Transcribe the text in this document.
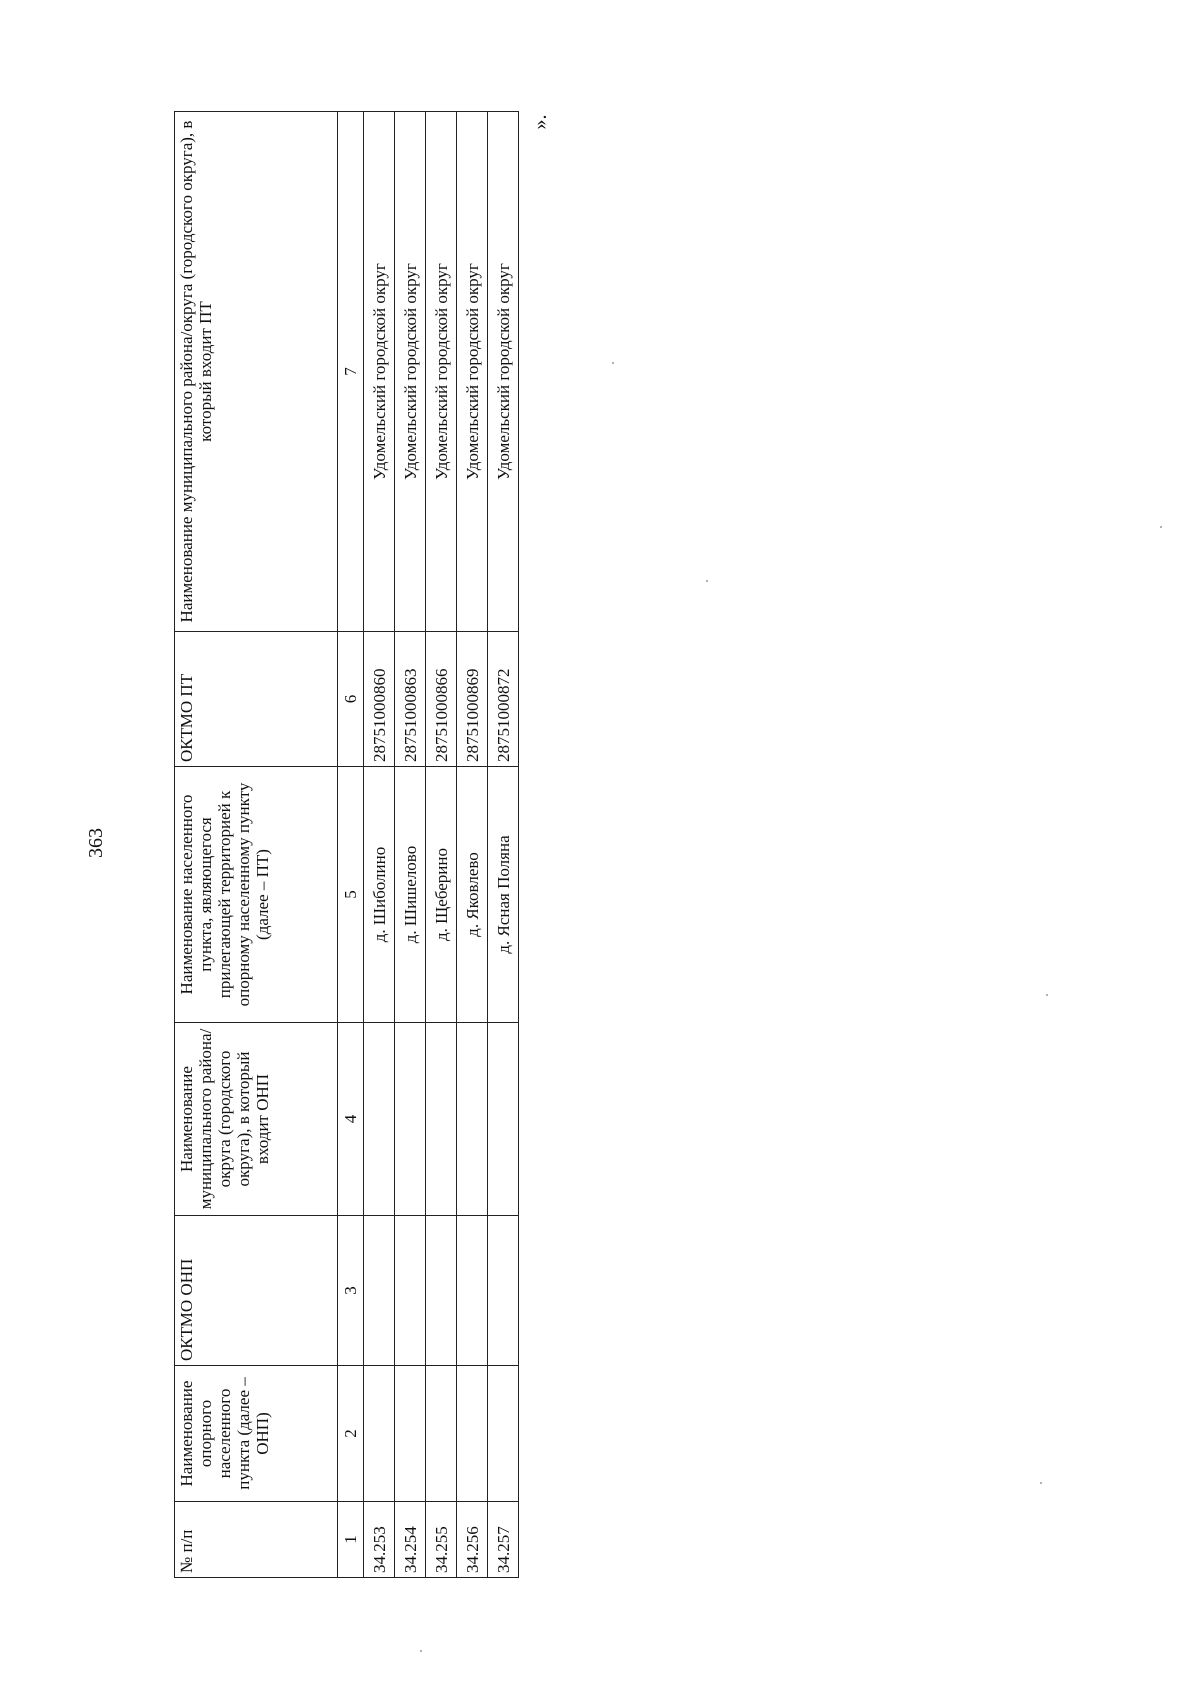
363
№ п/п	Наименование опорного населенного пункта (далее – ОНП)	ОКТМО ОНП	Наименование муниципального района/округа (городского округа), в который входит ОНП	Наименование населенного пункта, являющегося прилегающей территорией к опорному населенному пункту (далее – ПТ)	ОКТМО ПТ	Наименование муниципального района/округа (городского округа), в который входит ПТ
1	2	3	4	5	6	7
34.253				д. Шиболино	28751000860	Удомельский городской округ
34.254				д. Шишелово	28751000863	Удомельский городской округ
34.255				д. Щеберино	28751000866	Удомельский городской округ
34.256				д. Яковлево	28751000869	Удомельский городской округ
34.257				д. Ясная Поляна	28751000872	Удомельский городской округ
».
